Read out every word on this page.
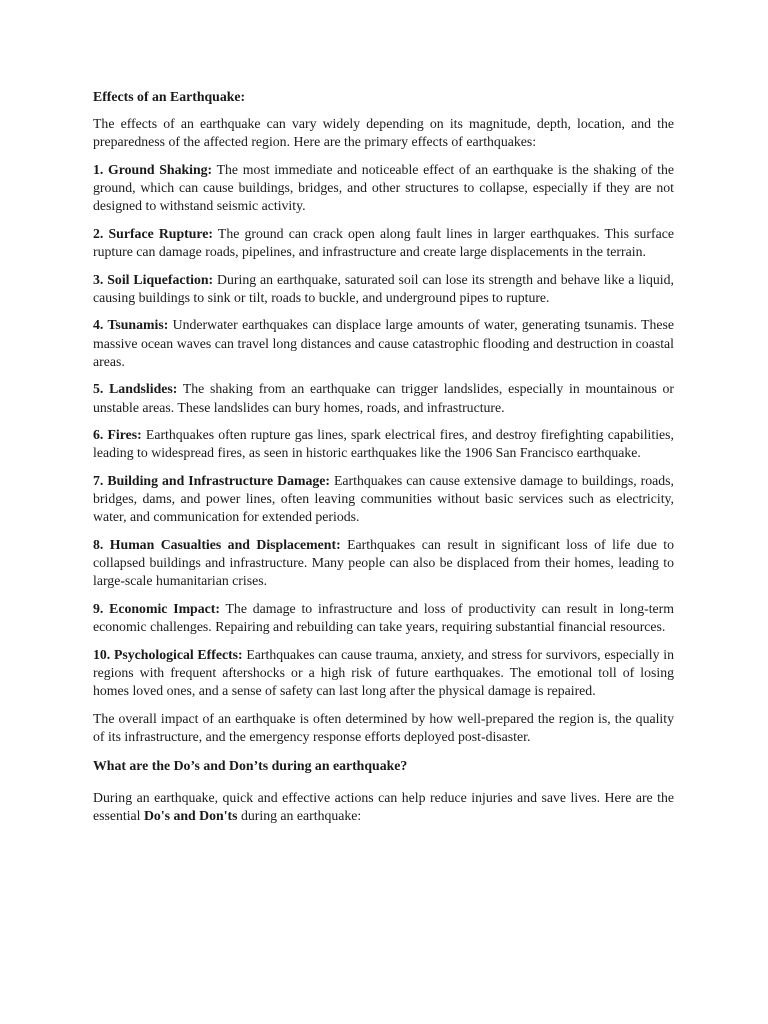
Effects of an Earthquake:

The effects of an earthquake can vary widely depending on its magnitude, depth, location, and the preparedness of the affected region. Here are the primary effects of earthquakes:

1. Ground Shaking: The most immediate and noticeable effect of an earthquake is the shaking of the ground, which can cause buildings, bridges, and other structures to collapse, especially if they are not designed to withstand seismic activity.

2. Surface Rupture: The ground can crack open along fault lines in larger earthquakes. This surface rupture can damage roads, pipelines, and infrastructure and create large displacements in the terrain.

3. Soil Liquefaction: During an earthquake, saturated soil can lose its strength and behave like a liquid, causing buildings to sink or tilt, roads to buckle, and underground pipes to rupture.

4. Tsunamis: Underwater earthquakes can displace large amounts of water, generating tsunamis. These massive ocean waves can travel long distances and cause catastrophic flooding and destruction in coastal areas.

5. Landslides: The shaking from an earthquake can trigger landslides, especially in mountainous or unstable areas. These landslides can bury homes, roads, and infrastructure.

6. Fires: Earthquakes often rupture gas lines, spark electrical fires, and destroy firefighting capabilities, leading to widespread fires, as seen in historic earthquakes like the 1906 San Francisco earthquake.

7. Building and Infrastructure Damage: Earthquakes can cause extensive damage to buildings, roads, bridges, dams, and power lines, often leaving communities without basic services such as electricity, water, and communication for extended periods.

8. Human Casualties and Displacement: Earthquakes can result in significant loss of life due to collapsed buildings and infrastructure. Many people can also be displaced from their homes, leading to large-scale humanitarian crises.

9. Economic Impact: The damage to infrastructure and loss of productivity can result in long-term economic challenges. Repairing and rebuilding can take years, requiring substantial financial resources.

10. Psychological Effects: Earthquakes can cause trauma, anxiety, and stress for survivors, especially in regions with frequent aftershocks or a high risk of future earthquakes. The emotional toll of losing homes loved ones, and a sense of safety can last long after the physical damage is repaired.

The overall impact of an earthquake is often determined by how well-prepared the region is, the quality of its infrastructure, and the emergency response efforts deployed post-disaster.

What are the Do’s and Don’ts during an earthquake?

During an earthquake, quick and effective actions can help reduce injuries and save lives. Here are the essential Do's and Don'ts during an earthquake:
